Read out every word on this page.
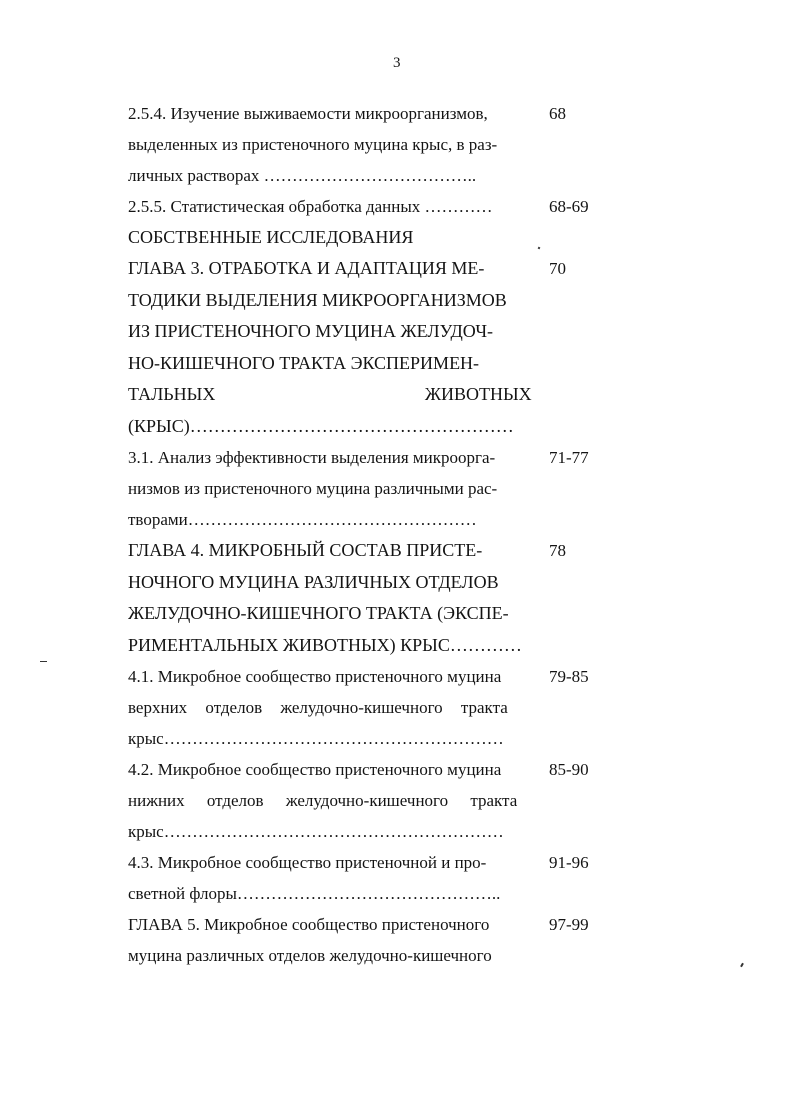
3
2.5.4. Изучение выживаемости микроорганизмов,
выделенных из пристеночного муцина крыс, в раз-
личных растворах ………………………………..
68
2.5.5. Статистическая обработка данных …………	68-69
СОБСТВЕННЫЕ ИССЛЕДОВАНИЯ
ГЛАВА 3. ОТРАБОТКА И АДАПТАЦИЯ МЕ-
ТОДИКИ ВЫДЕЛЕНИЯ МИКРООРГАНИЗМОВ
ИЗ ПРИСТЕНОЧНОГО МУЦИНА ЖЕЛУДОЧ-
НО-КИШЕЧНОГО ТРАКТА ЭКСПЕРИМЕН-
ТАЛЬНЫХ ЖИВОТНЫХ
(КРЫС)………………………………………………
70
3.1. Анализ эффективности выделения микроорга-
низмов из пристеночного муцина различными рас-
творами……………………………………………
71-77
ГЛАВА 4. МИКРОБНЫЙ СОСТАВ ПРИСТЕ-
НОЧНОГО МУЦИНА РАЗЛИЧНЫХ ОТДЕЛОВ
ЖЕЛУДОЧНО-КИШЕЧНОГО ТРАКТА (ЭКСПЕ-
РИМЕНТАЛЬНЫХ ЖИВОТНЫХ) КРЫС…………
78
4.1. Микробное сообщество пристеночного муцина
верхних отделов желудочно-кишечного тракта
крыс……………………………………………………
79-85
4.2. Микробное сообщество пристеночного муцина
нижних отделов желудочно-кишечного тракта
крыс……………………………………………………
85-90
4.3. Микробное сообщество пристеночной и про-
светной флоры………………………………………..
91-96
ГЛАВА 5. Микробное сообщество пристеночного
муцина различных отделов желудочно-кишечного
97-99
